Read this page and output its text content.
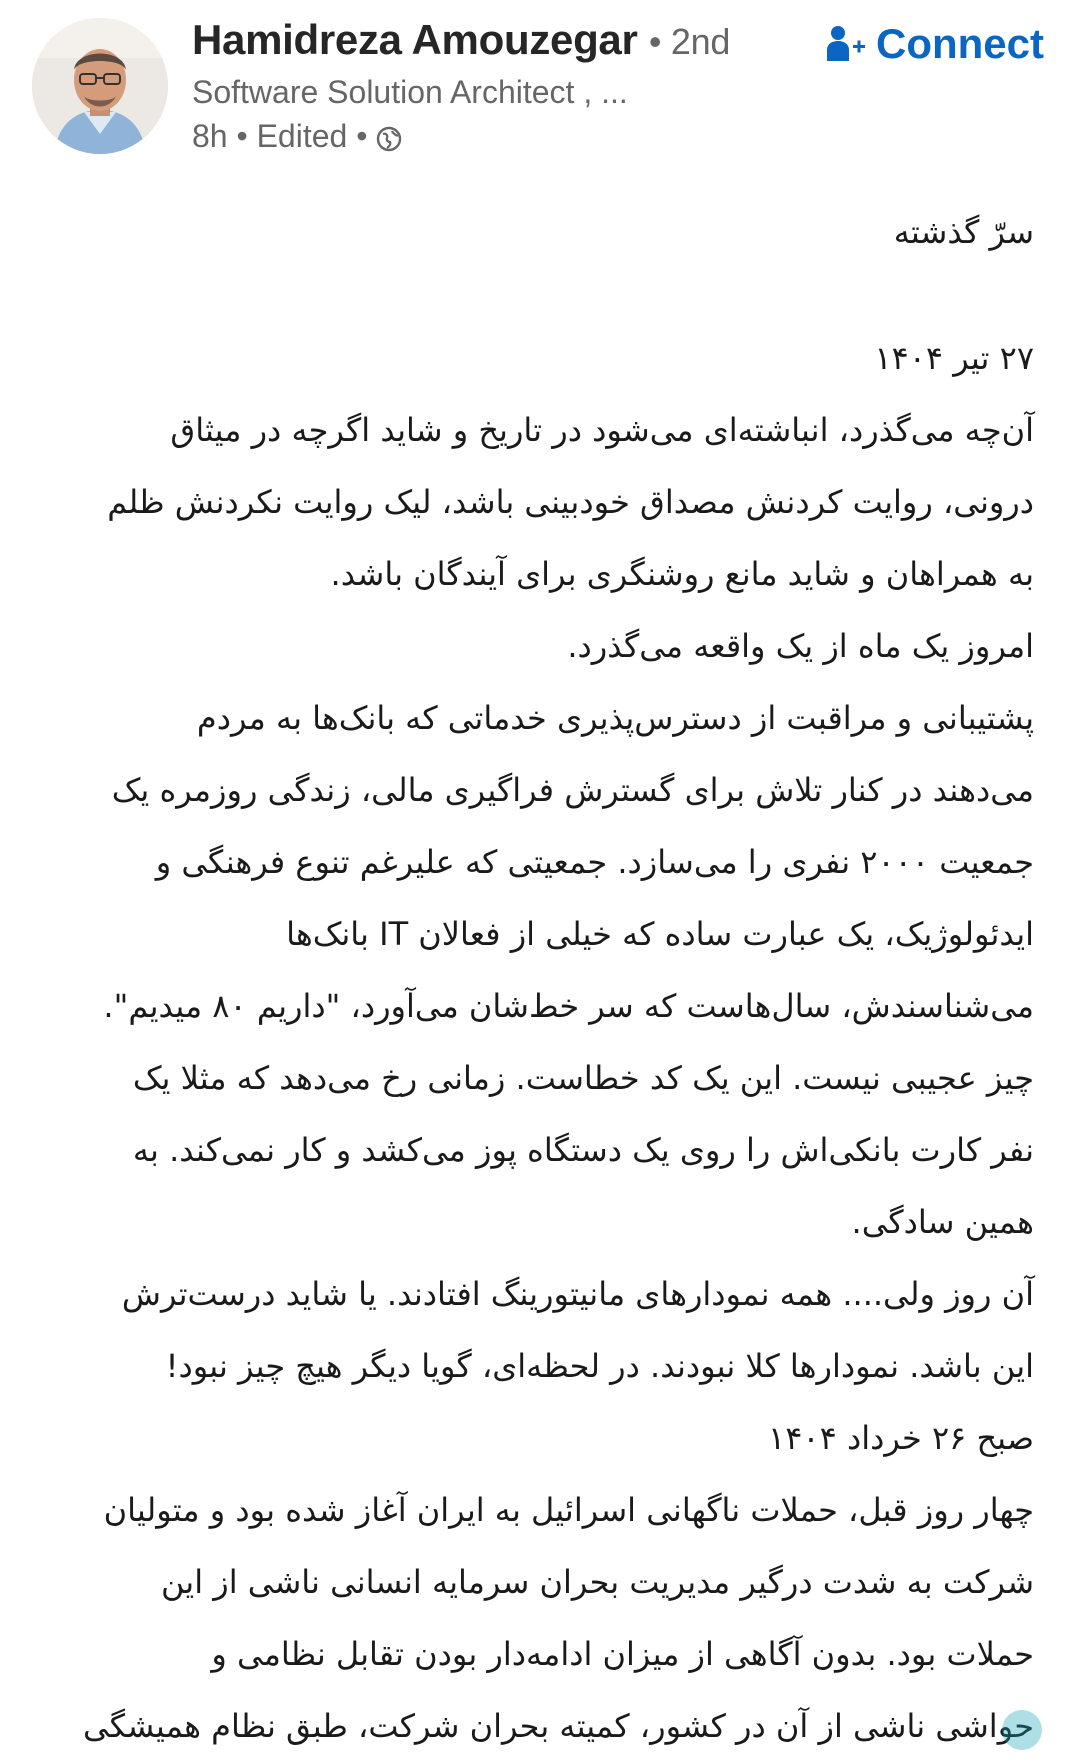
Hamidreza Amouzegar • 2nd
Software Solution Architect , ...
8h • Edited •
Connect

سرّ گذشته

۲۷ تیر ۱۴۰۴

آن‌چه می‌گذرد، انباشته‌ای می‌شود در تاریخ و شاید اگرچه در میثاق
درونی، روایت کردنش مصداق خودبینی باشد، لیک روایت نکردنش ظلم
به همراهان و شاید مانع روشنگری برای آیندگان باشد.

امروز یک ماه از یک واقعه می‌گذرد.

پشتیبانی و مراقبت از دسترس‌پذیری خدماتی که بانک‌ها به مردم
می‌دهند در کنار تلاش برای گسترش فراگیری مالی، زندگی روزمره یک
جمعیت ۲۰۰۰ نفری را می‌سازد. جمعیتی که علیرغم تنوع فرهنگی و
ایدئولوژیک، یک عبارت ساده که خیلی از فعالان IT بانک‌ها
می‌شناسندش، سال‌هاست که سر خط‌شان می‌آورد، "داریم ۸۰ میدیم".
چیز عجیبی نیست. این یک کد خطاست. زمانی رخ می‌دهد که مثلا یک
نفر کارت بانکی‌اش را روی یک دستگاه پوز می‌کشد و کار نمی‌کند. به
همین سادگی.

آن روز ولی.... همه نمودارهای مانیتورینگ افتادند. یا شاید درست‌ترش
این باشد. نمودارها کلا نبودند. در لحظه‌ای، گویا دیگر هیچ چیز نبود!

صبح ۲۶ خرداد ۱۴۰۴

چهار روز قبل، حملات ناگهانی اسرائیل به ایران آغاز شده بود و متولیان
شرکت به شدت درگیر مدیریت بحران سرمایه انسانی ناشی از این
حملات بود. بدون آگاهی از میزان ادامه‌دار بودن تقابل نظامی و
حواشی ناشی از آن در کشور، کمیته بحران شرکت، طبق نظام همیشگی
